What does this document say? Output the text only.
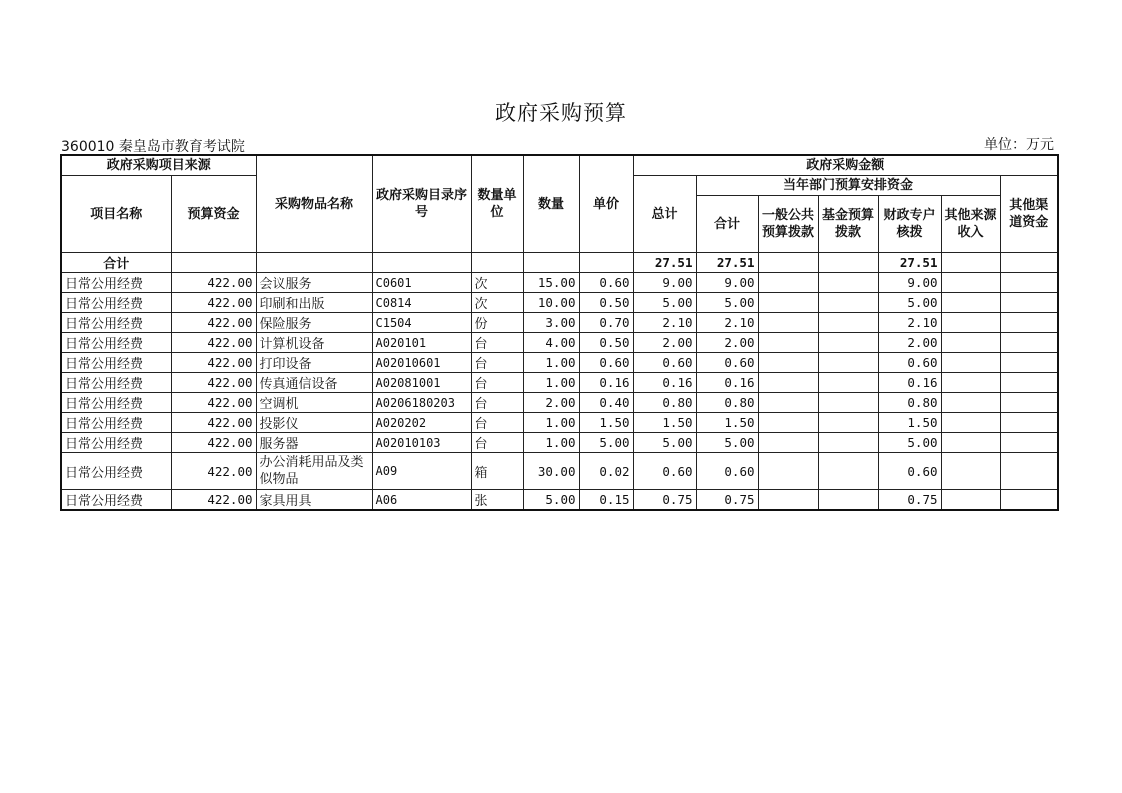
政府采购预算
360010 秦皇岛市教育考试院	单位：万元
政府采购项目来源		采购物品名称	政府采购目录序号	数量单位	数量	单价	政府采购金额						
项目名称	预算资金						总计	当年部门预算安排资金					其他渠道资金
								合计	一般公共预算拨款	基金预算拨款	财政专户核拨	其他来源收入	

合计							27.51	27.51			27.51		
日常公用经费	422.00	会议服务	C0601	次	15.00	0.60	9.00	9.00			9.00		
日常公用经费	422.00	印刷和出版	C0814	次	10.00	0.50	5.00	5.00			5.00		
日常公用经费	422.00	保险服务	C1504	份	3.00	0.70	2.10	2.10			2.10		
日常公用经费	422.00	计算机设备	A020101	台	4.00	0.50	2.00	2.00			2.00		
日常公用经费	422.00	打印设备	A02010601	台	1.00	0.60	0.60	0.60			0.60		
日常公用经费	422.00	传真通信设备	A02081001	台	1.00	0.16	0.16	0.16			0.16		
日常公用经费	422.00	空调机	A0206180203	台	2.00	0.40	0.80	0.80			0.80		
日常公用经费	422.00	投影仪	A020202	台	1.00	1.50	1.50	1.50			1.50		
日常公用经费	422.00	服务器	A02010103	台	1.00	5.00	5.00	5.00			5.00		
日常公用经费	422.00	办公消耗用品及类似物品	A09	箱	30.00	0.02	0.60	0.60			0.60		
日常公用经费	422.00	家具用具	A06	张	5.00	0.15	0.75	0.75			0.75		
